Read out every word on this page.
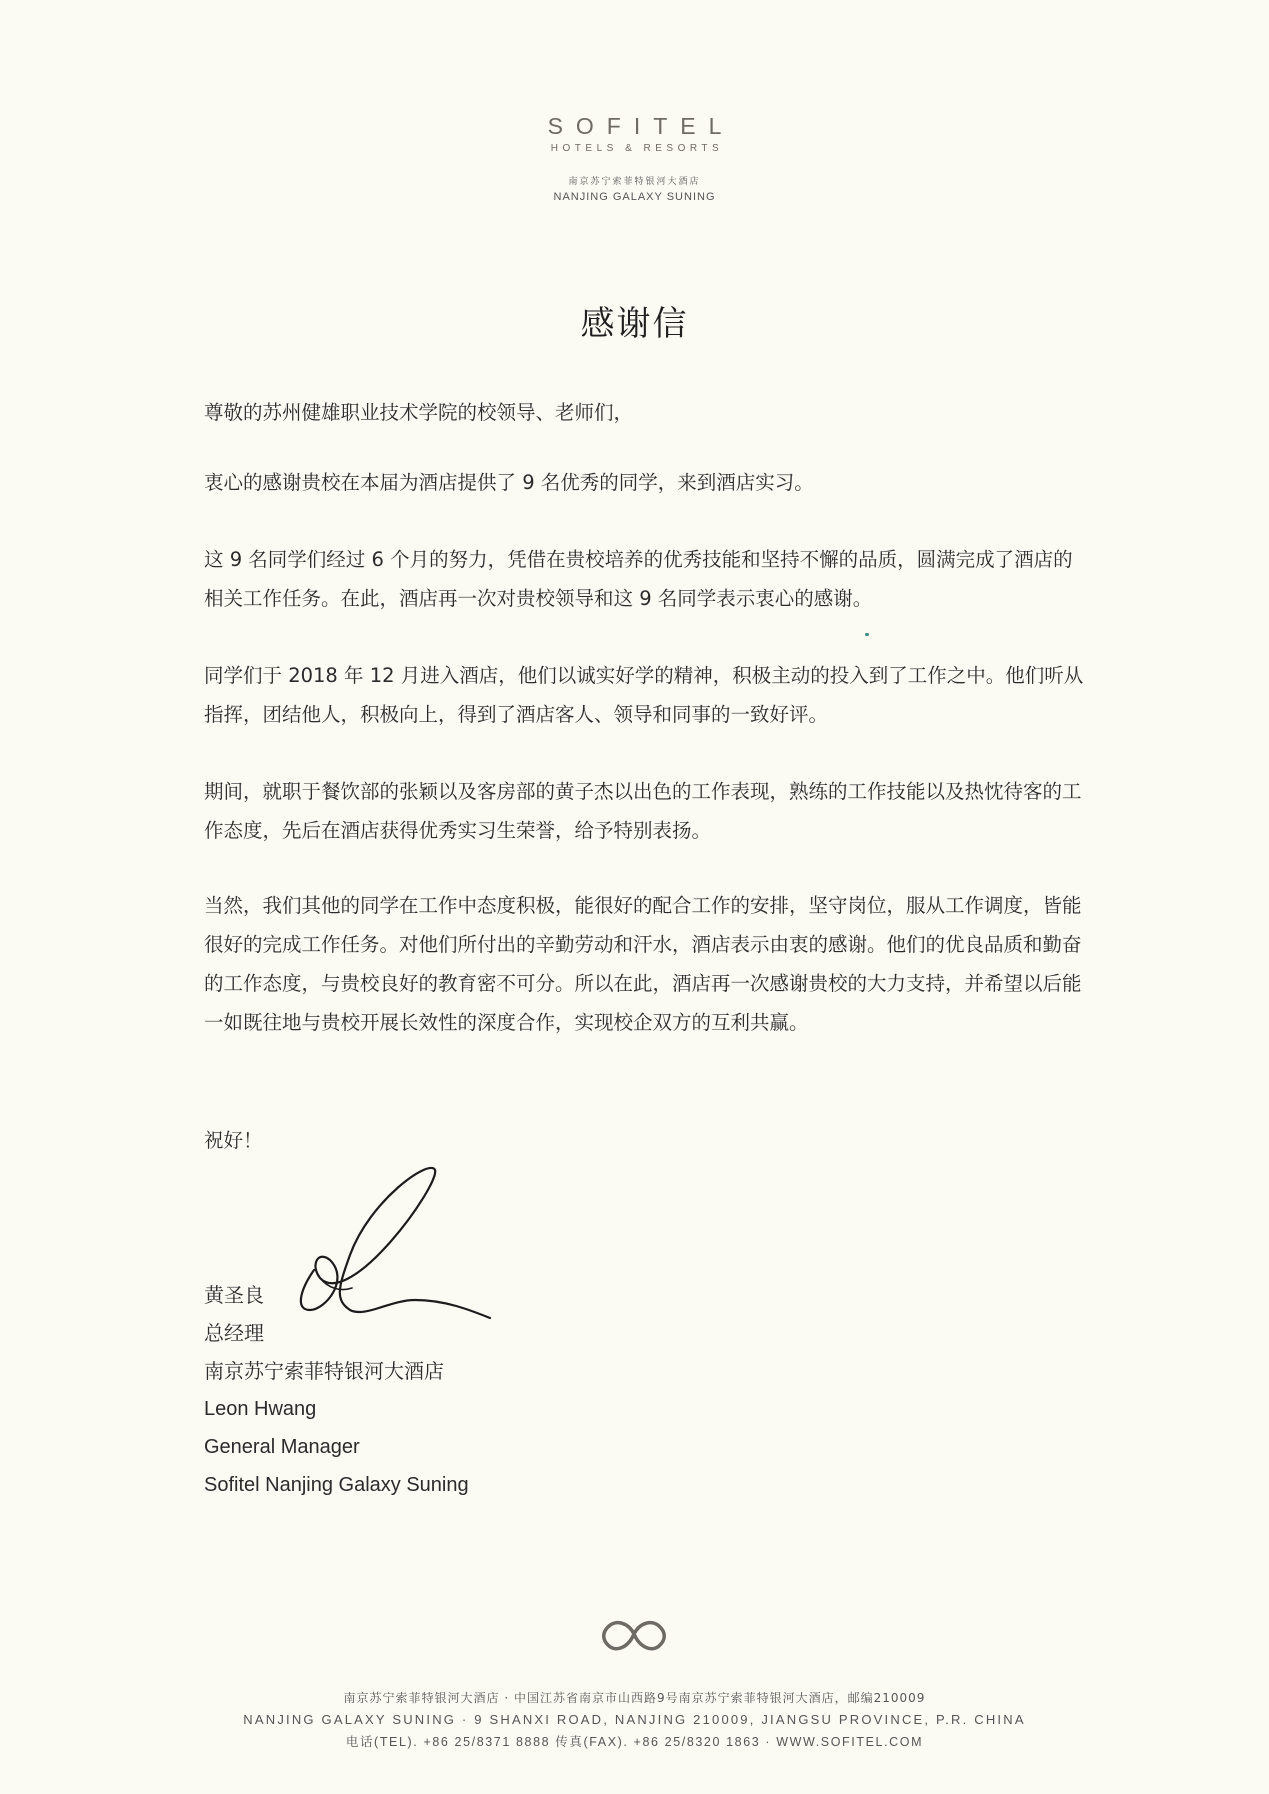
SOFITEL
HOTELS & RESORTS
南京苏宁索菲特银河大酒店
NANJING GALAXY SUNING
感谢信
尊敬的苏州健雄职业技术学院的校领导、老师们，
衷心的感谢贵校在本届为酒店提供了 9 名优秀的同学，来到酒店实习。
这 9 名同学们经过 6 个月的努力，凭借在贵校培养的优秀技能和坚持不懈的品质，圆满完成了酒店的相关工作任务。在此，酒店再一次对贵校领导和这 9 名同学表示衷心的感谢。
同学们于 2018 年 12 月进入酒店，他们以诚实好学的精神，积极主动的投入到了工作之中。他们听从指挥，团结他人，积极向上，得到了酒店客人、领导和同事的一致好评。
期间，就职于餐饮部的张颖以及客房部的黄子杰以出色的工作表现，熟练的工作技能以及热忱待客的工作态度，先后在酒店获得优秀实习生荣誉，给予特别表扬。
当然，我们其他的同学在工作中态度积极，能很好的配合工作的安排，坚守岗位，服从工作调度，皆能很好的完成工作任务。对他们所付出的辛勤劳动和汗水，酒店表示由衷的感谢。他们的优良品质和勤奋的工作态度，与贵校良好的教育密不可分。所以在此，酒店再一次感谢贵校的大力支持，并希望以后能一如既往地与贵校开展长效性的深度合作，实现校企双方的互利共赢。
祝好！
黄圣良
总经理
南京苏宁索菲特银河大酒店
Leon Hwang
General Manager
Sofitel Nanjing Galaxy Suning
南京苏宁索菲特银河大酒店 · 中国江苏省南京市山西路9号南京苏宁索菲特银河大酒店，邮编210009
NANJING GALAXY SUNING · 9 SHANXI ROAD, NANJING 210009, JIANGSU PROVINCE, P.R. CHINA
电话(TEL). +86 25/8371 8888 传真(FAX). +86 25/8320 1863 · WWW.SOFITEL.COM
